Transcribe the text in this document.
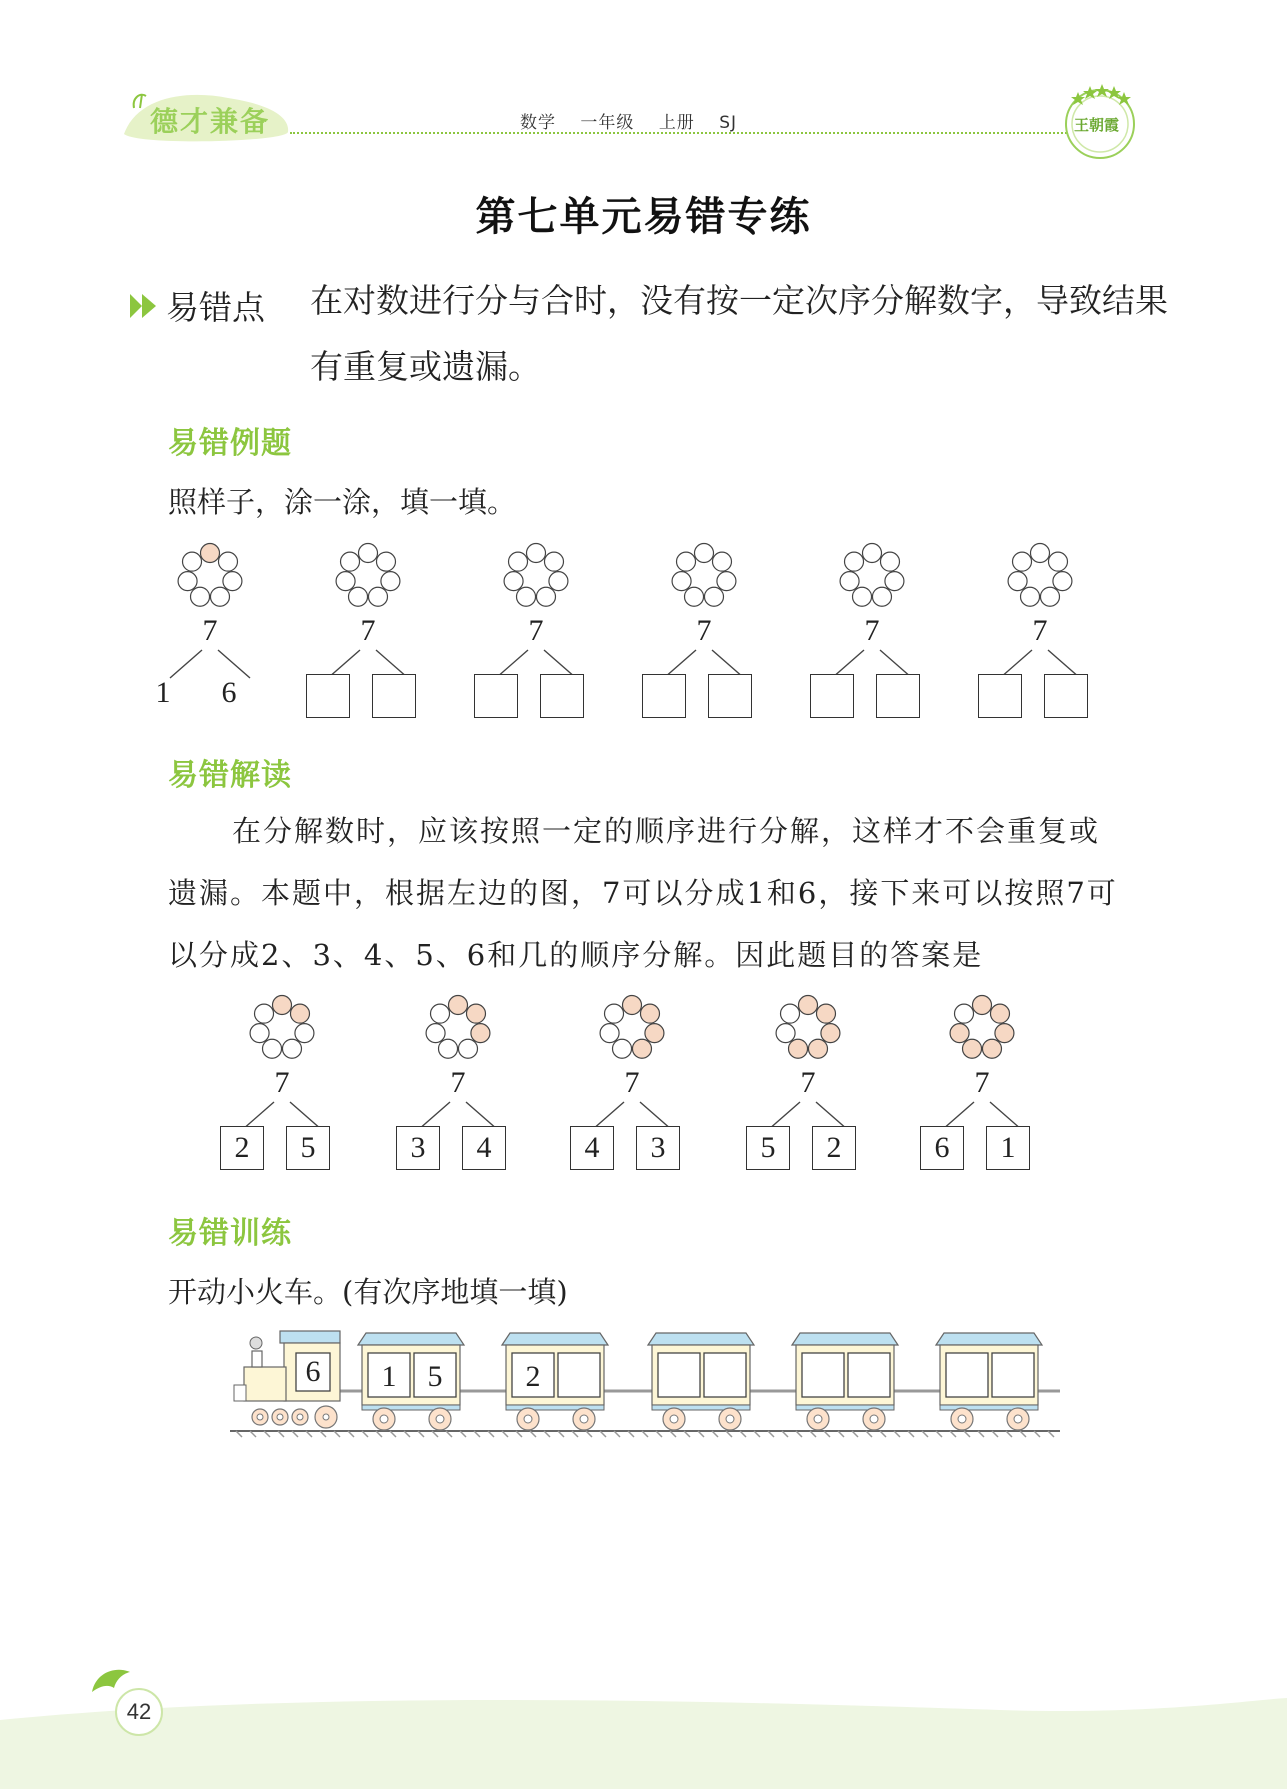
德才兼备	数学 一年级 上册 SJ	王朝霞
第七单元易错专练
易错点 在对数进行分与合时，没有按一定次序分解数字，导致结果有重复或遗漏。
易错例题
照样子，涂一涂，填一填。
7
1 6
7	7	7	7	7
易错解读
在分解数时，应该按照一定的顺序进行分解，这样才不会重复或遗漏。本题中，根据左边的图，7可以分成1和6，接下来可以按照7可以分成2、3、4、5、6和几的顺序分解。因此题目的答案是
7
2	5
7
3	4
7
4	3
7
5	2
7
6	1
易错训练
开动小火车。(有次序地填一填)
6 1 5	2
42
